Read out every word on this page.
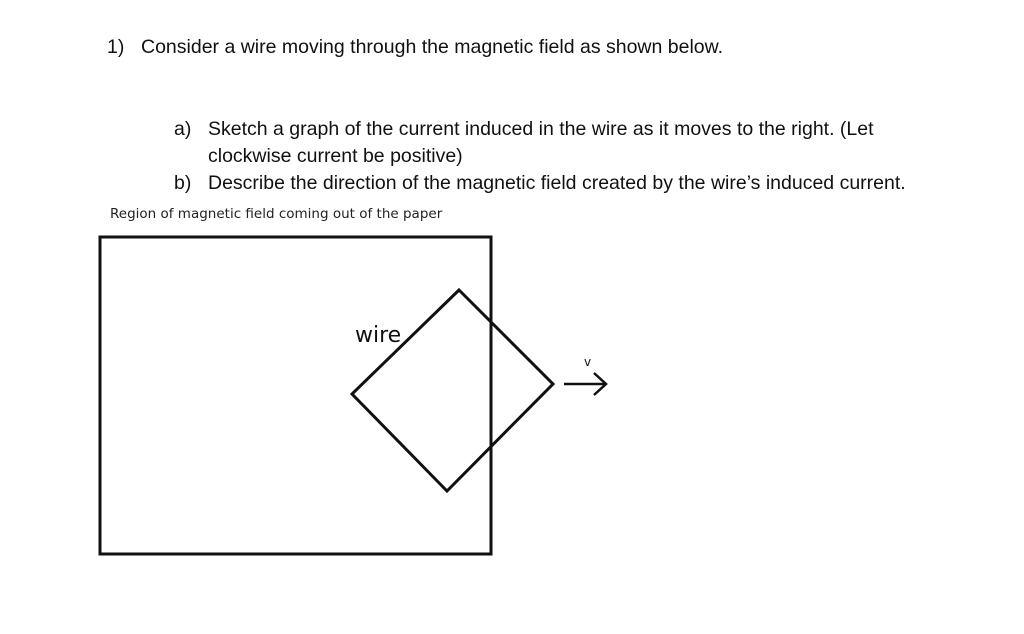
1) Consider a wire moving through the magnetic field as shown below.
a) Sketch a graph of the current induced in the wire as it moves to the right. (Let
clockwise current be positive)
b) Describe the direction of the magnetic field created by the wire’s induced current.
Region of magnetic field coming out of the paper
wire
v
